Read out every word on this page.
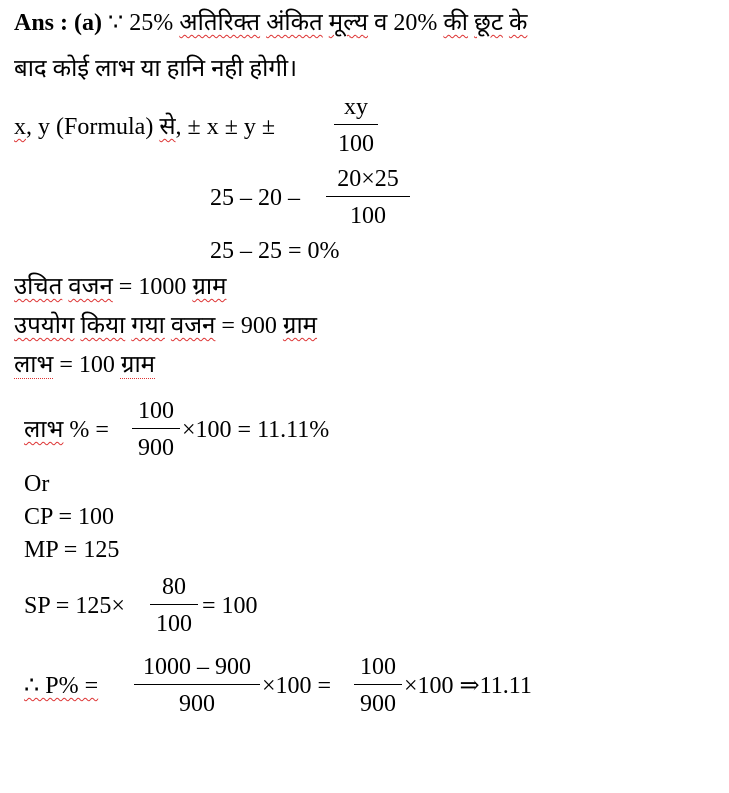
Ans : (a) ∵ 25% अतिरिक्त अंकित मूल्य व 20% की छूट के
बाद कोई लाभ या हानि नही होगी।
x, y (Formula) से, ± x ± y ±
xy
100
25 – 20 –
20×25
100
25 – 25 = 0%
उचित वजन = 1000 ग्राम
उपयोग किया गया वजन = 900 ग्राम
लाभ = 100 ग्राम
लाभ % =
100
900
×100 = 11.11%
Or
CP = 100
MP = 125
SP = 125×
80
100
= 100
∴ P% =
1000 – 900
900
×100 =
100
900
×100 ⇒11.11
